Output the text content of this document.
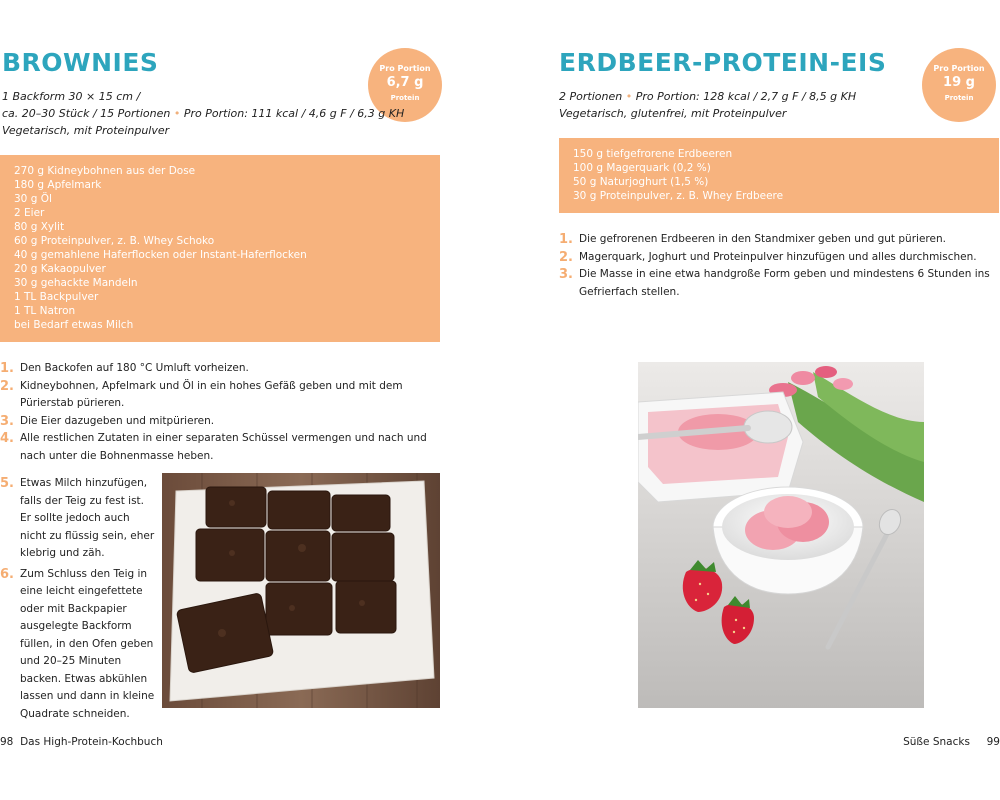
BROWNIES	Pro Portion
6,7 g
Protein
1 Backform 30 × 15 cm /
ca. 20–30 Stück / 15 Portionen • Pro Portion: 111 kcal / 4,6 g F / 6,3 g KH
Vegetarisch, mit Proteinpulver
270 g Kidneybohnen aus der Dose
180 g Apfelmark
30 g Öl
2 Eier
80 g Xylit
60 g Proteinpulver, z. B. Whey Schoko
40 g gemahlene Haferflocken oder Instant-Haferflocken
20 g Kakaopulver
30 g gehackte Mandeln
1 TL Backpulver
1 TL Natron
bei Bedarf etwas Milch
1. Den Backofen auf 180 °C Umluft vorheizen.
2. Kidneybohnen, Apfelmark und Öl in ein hohes Gefäß geben und mit dem Pürierstab pürieren.
3. Die Eier dazugeben und mitpürieren.
4. Alle restlichen Zutaten in einer separaten Schüssel vermengen und nach und nach unter die Bohnenmasse heben.
5. Etwas Milch hinzufügen, falls der Teig zu fest ist. Er sollte jedoch auch nicht zu flüssig sein, eher klebrig und zäh.
6. Zum Schluss den Teig in eine leicht eingefettete oder mit Backpapier ausgelegte Backform füllen, in den Ofen geben und 20–25 Minuten backen. Etwas abkühlen lassen und dann in kleine Quadrate schneiden.
98 Das High-Protein-Kochbuch
ERDBEER-PROTEIN-EIS	Pro Portion
19 g
Protein
2 Portionen • Pro Portion: 128 kcal / 2,7 g F / 8,5 g KH
Vegetarisch, glutenfrei, mit Proteinpulver
150 g tiefgefrorene Erdbeeren
100 g Magerquark (0,2 %)
50 g Naturjoghurt (1,5 %)
30 g Proteinpulver, z. B. Whey Erdbeere
1. Die gefrorenen Erdbeeren in den Standmixer geben und gut pürieren.
2. Magerquark, Joghurt und Proteinpulver hinzufügen und alles durchmischen.
3. Die Masse in eine etwa handgroße Form geben und mindestens 6 Stunden ins Gefrierfach stellen.
Süße Snacks 99
